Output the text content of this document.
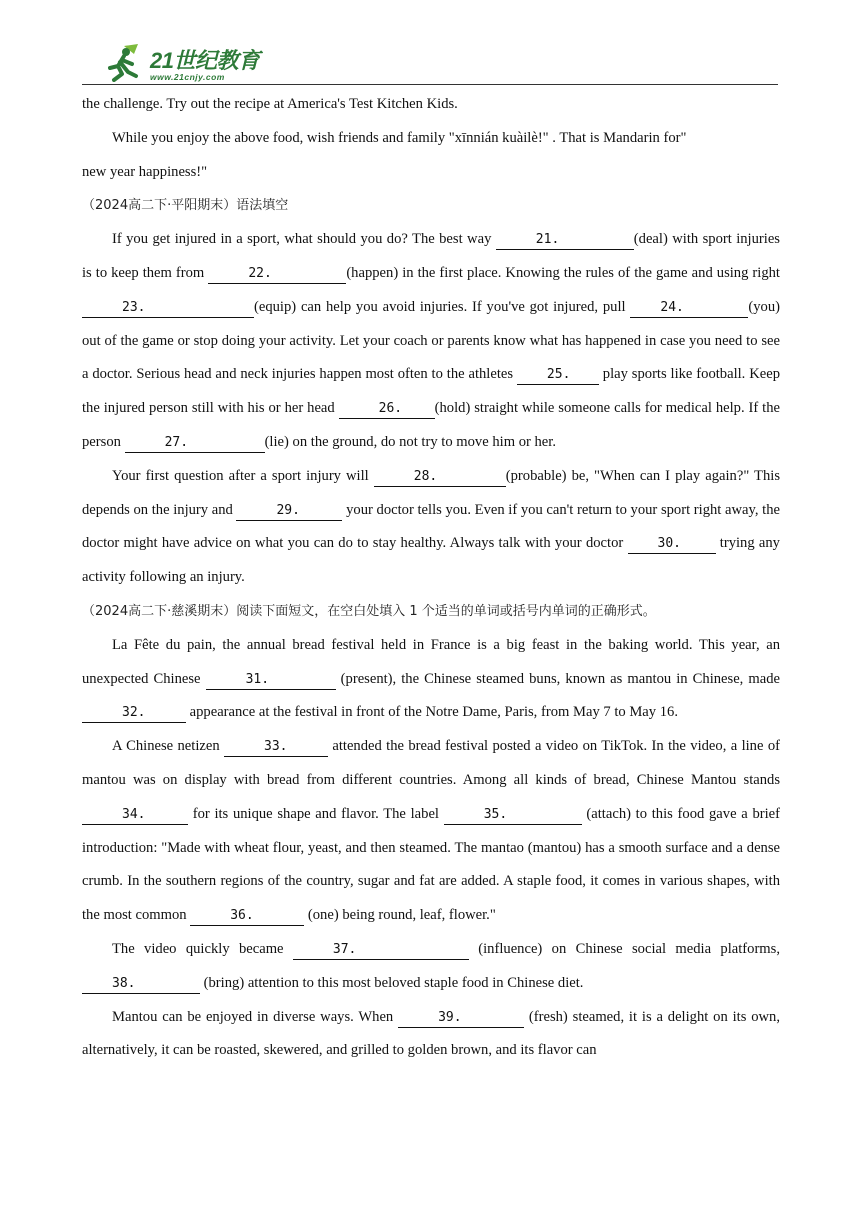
21世纪教育
www.21cnjy.com

the challenge. Try out the recipe at America's Test Kitchen Kids.

While you enjoy the above food, wish friends and family "xīnnián kuàilè!" . That is Mandarin for"

new year happiness!"

（2024高二下·平阳期末）语法填空

If you get injured in a sport, what should you do? The best way	21.	(deal) with sport injuries is to keep them from	22.	(happen) in the first place. Knowing the rules of the game and using right 23.	(equip) can help you avoid injuries. If you've got injured, pull 24.	(you) out of the game or stop doing your activity. Let your coach or parents know what has happened in case you need to see a doctor. Serious head and neck injuries happen most often to the athletes 25. play sports like football. Keep the injured person still with his or her head	26. (hold) straight while someone calls for medical help. If the person	27.	(lie) on the ground, do not try to move him or her.

Your first question after a sport injury will	28.	(probable) be, "When can I play again?" This depends on the injury and	29.	your doctor tells you. Even if you can't return to your sport right away, the doctor might have advice on what you can do to stay healthy. Always talk with your doctor 30. trying any activity following an injury.

（2024高二下·慈溪期末）阅读下面短文，在空白处填入 1 个适当的单词或括号内单词的正确形式。

La Fête du pain, the annual bread festival held in France is a big feast in the baking world. This year, an unexpected Chinese	31.	(present), the Chinese steamed buns, known as mantou in Chinese, made 32.	appearance at the festival in front of the Notre Dame, Paris, from May 7 to May 16.

A Chinese netizen	33.	attended the bread festival posted a video on TikTok. In the video, a line of mantou was on display with bread from different countries. Among all kinds of bread, Chinese Mantou stands 34.	for its unique shape and flavor. The label	35.	(attach) to this food gave a brief introduction: "Made with wheat flour, yeast, and then steamed. The mantao (mantou) has a smooth surface and a dense crumb. In the southern regions of the country, sugar and fat are added. A staple food, it comes in various shapes, with the most common	36.	(one) being round, leaf, flower."

The video quickly became	37.	(influence) on Chinese social media platforms, 38.	(bring) attention to this most beloved staple food in Chinese diet.

Mantou can be enjoyed in diverse ways. When	39.	(fresh) steamed, it is a delight on its own, alternatively, it can be roasted, skewered, and grilled to golden brown, and its flavor can
